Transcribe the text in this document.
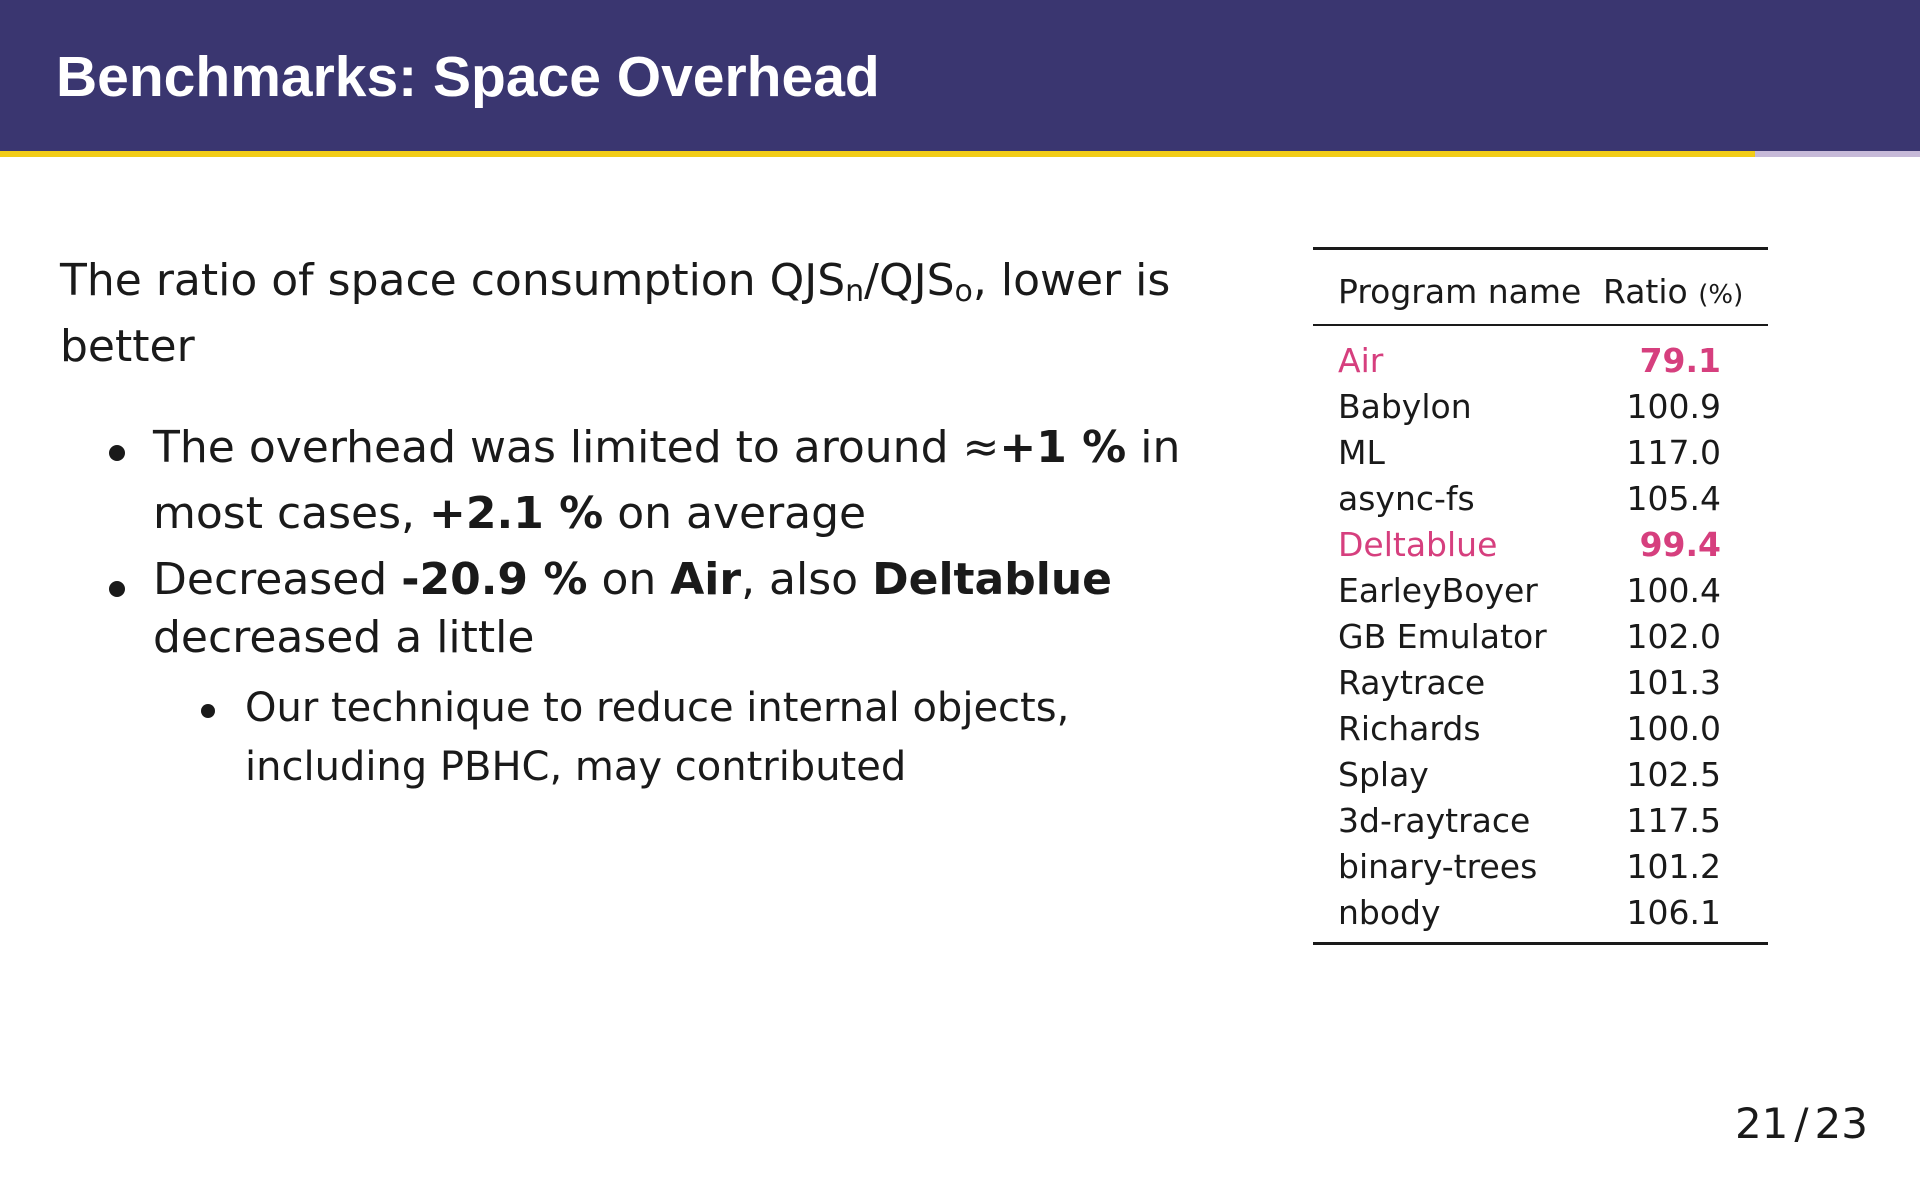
Benchmarks: Space Overhead

The ratio of space consumption $QJS_n/QJS_o$, lower is better

The overhead was limited to around ≈+1 % in most cases, +2.1 % on average
Decreased -20.9 % on Air, also Deltablue decreased a little
Our technique to reduce internal objects, including PBHC, may contributed
Program name Ratio (%)
Air	79.1
Babylon	100.9
ML	117.0
async-fs	105.4
Deltablue	99.4
EarleyBoyer	100.4
GB Emulator 102.0
Raytrace	101.3
Richards	100.0
Splay	102.5
3d-raytrace	117.5
binary-trees	101.2
nbody	106.1
21 / 23
